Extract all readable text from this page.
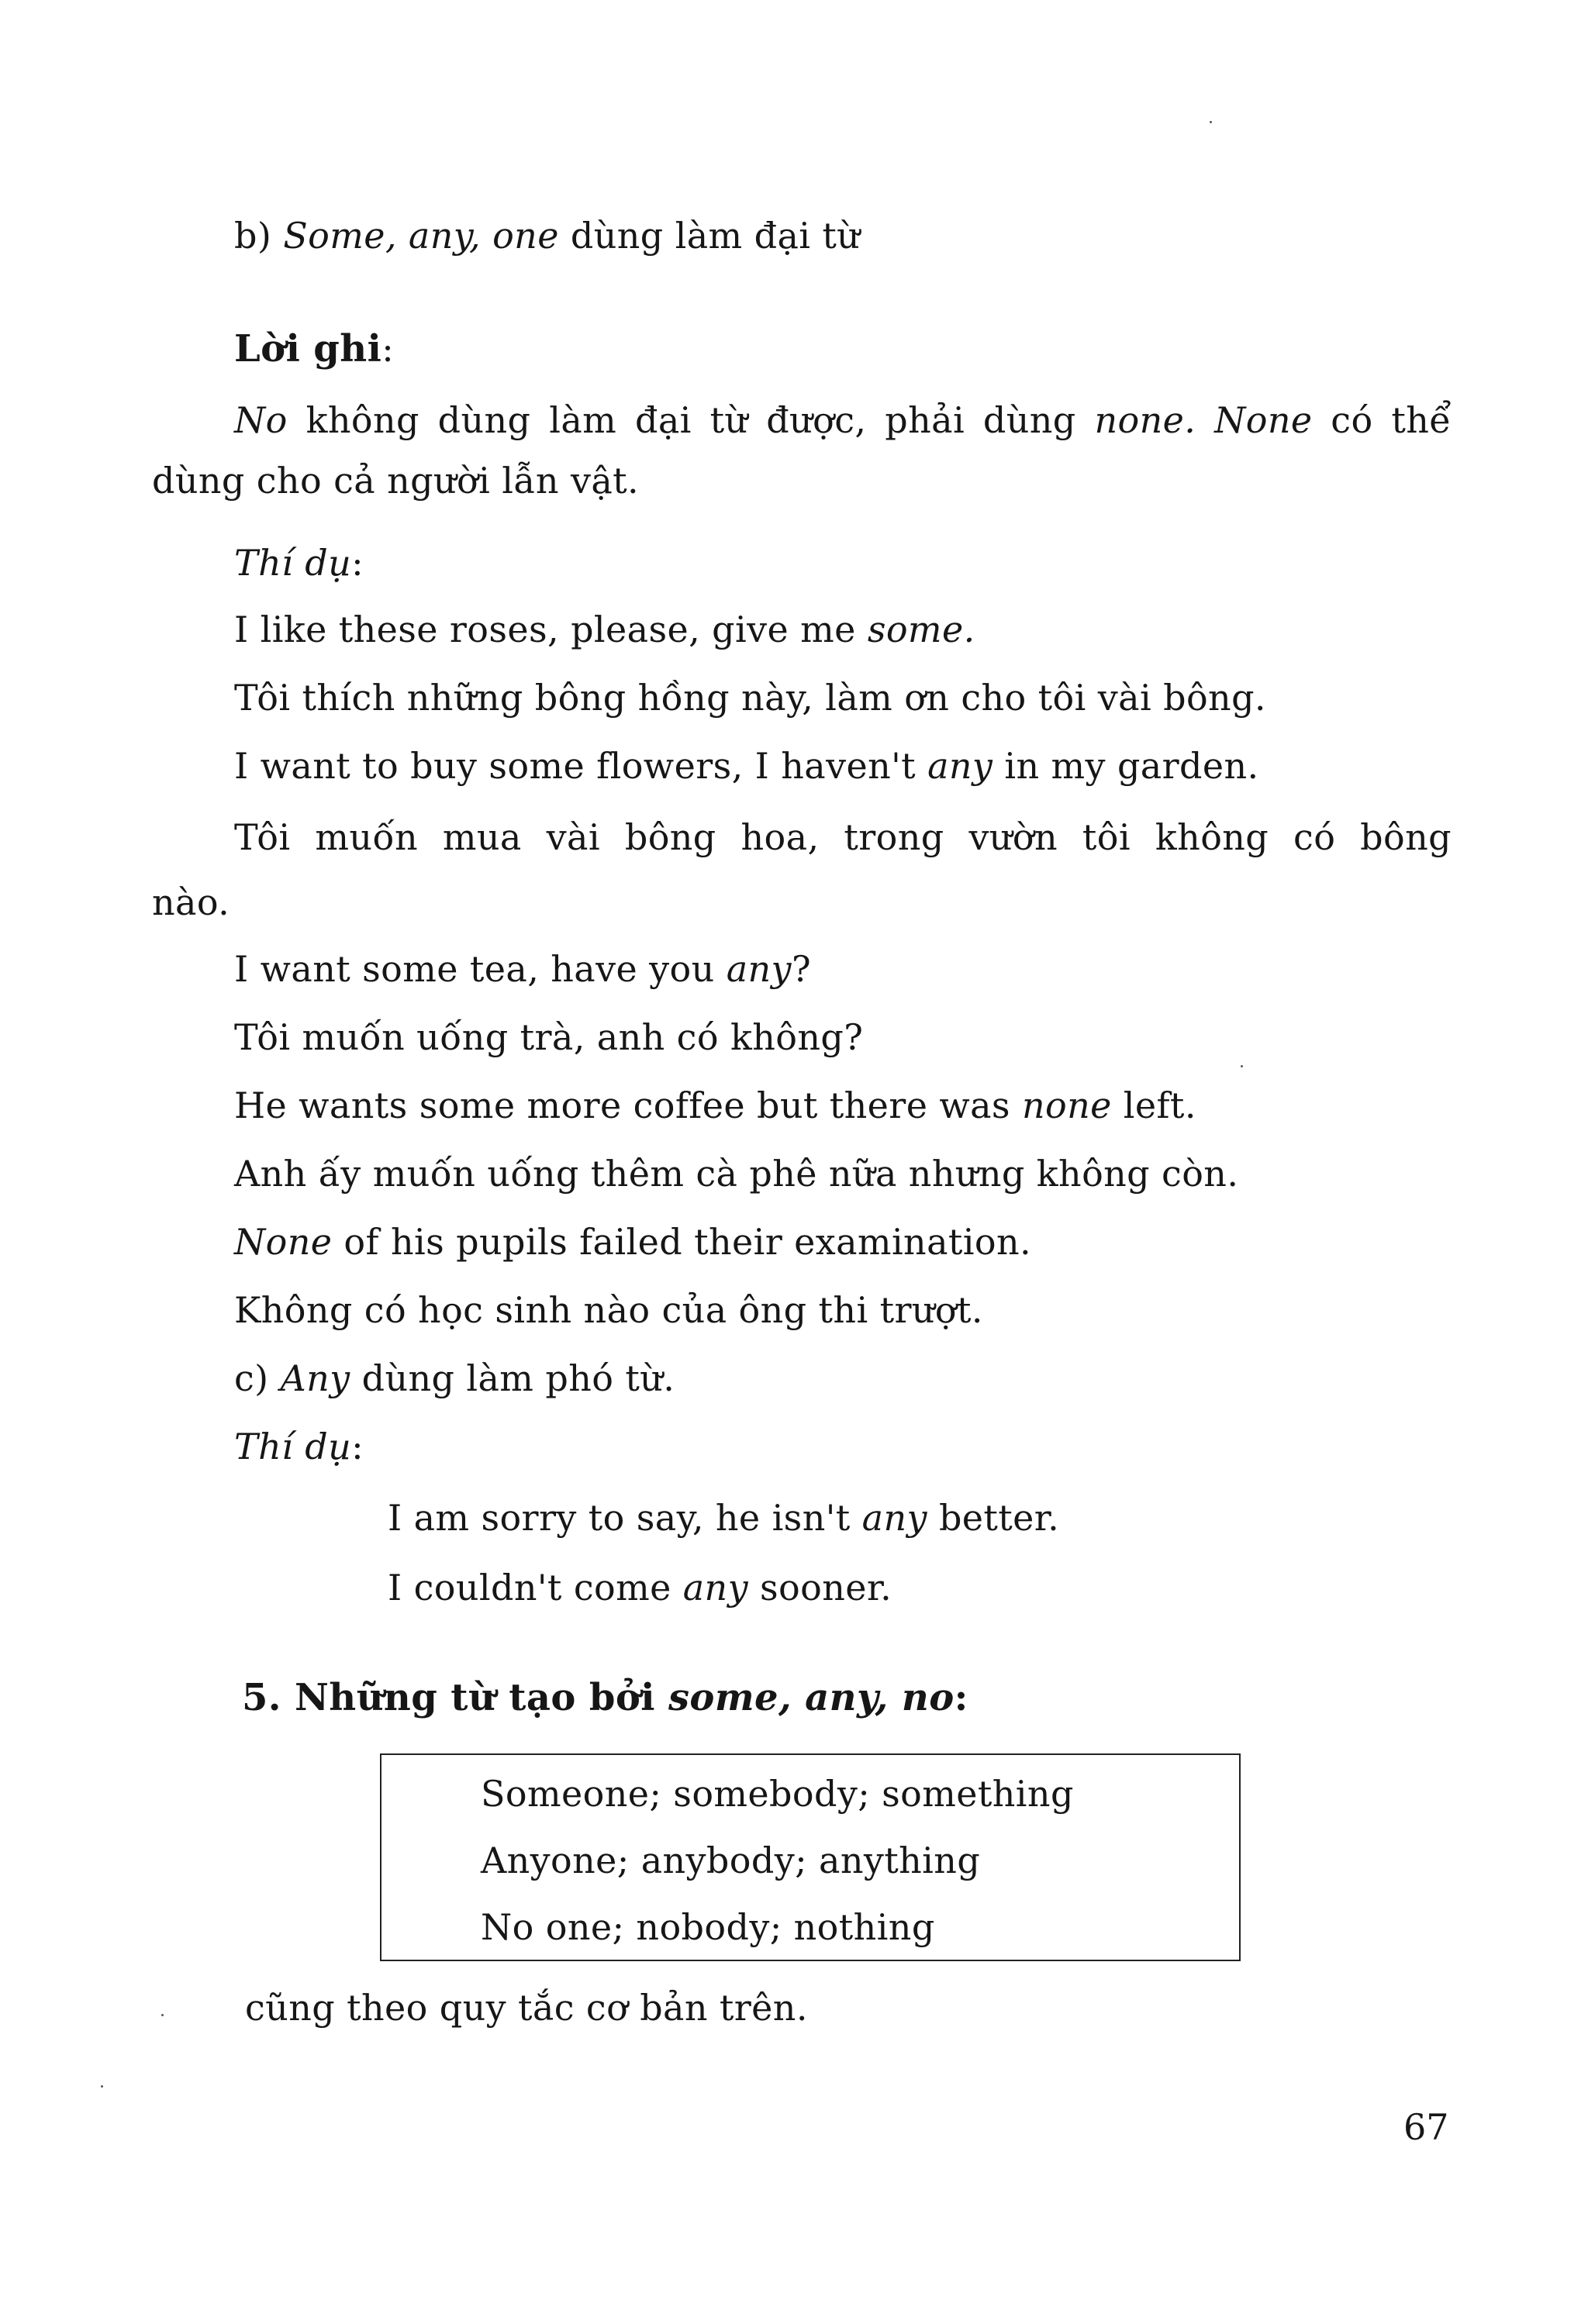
b) Some, any, one dùng làm đại từ
Lời ghi:
No không dùng làm đại từ được, phải dùng none. None có thể
dùng cho cả người lẫn vật.
Thí dụ:
I like these roses, please, give me some.
Tôi thích những bông hồng này, làm ơn cho tôi vài bông.
I want to buy some flowers, I haven't any in my garden.
Tôi muốn mua vài bông hoa, trong vườn tôi không có bông
nào.
I want some tea, have you any?
Tôi muốn uống trà, anh có không?
He wants some more coffee but there was none left.
Anh ấy muốn uống thêm cà phê nữa nhưng không còn.
None of his pupils failed their examination.
Không có học sinh nào của ông thi trượt.
c) Any dùng làm phó từ.
Thí dụ:
I am sorry to say, he isn't any better.
I couldn't come any sooner.
5. Những từ tạo bởi some, any, no:
Someone; somebody; something
Anyone; anybody; anything
No one; nobody; nothing
cũng theo quy tắc cơ bản trên.
67
